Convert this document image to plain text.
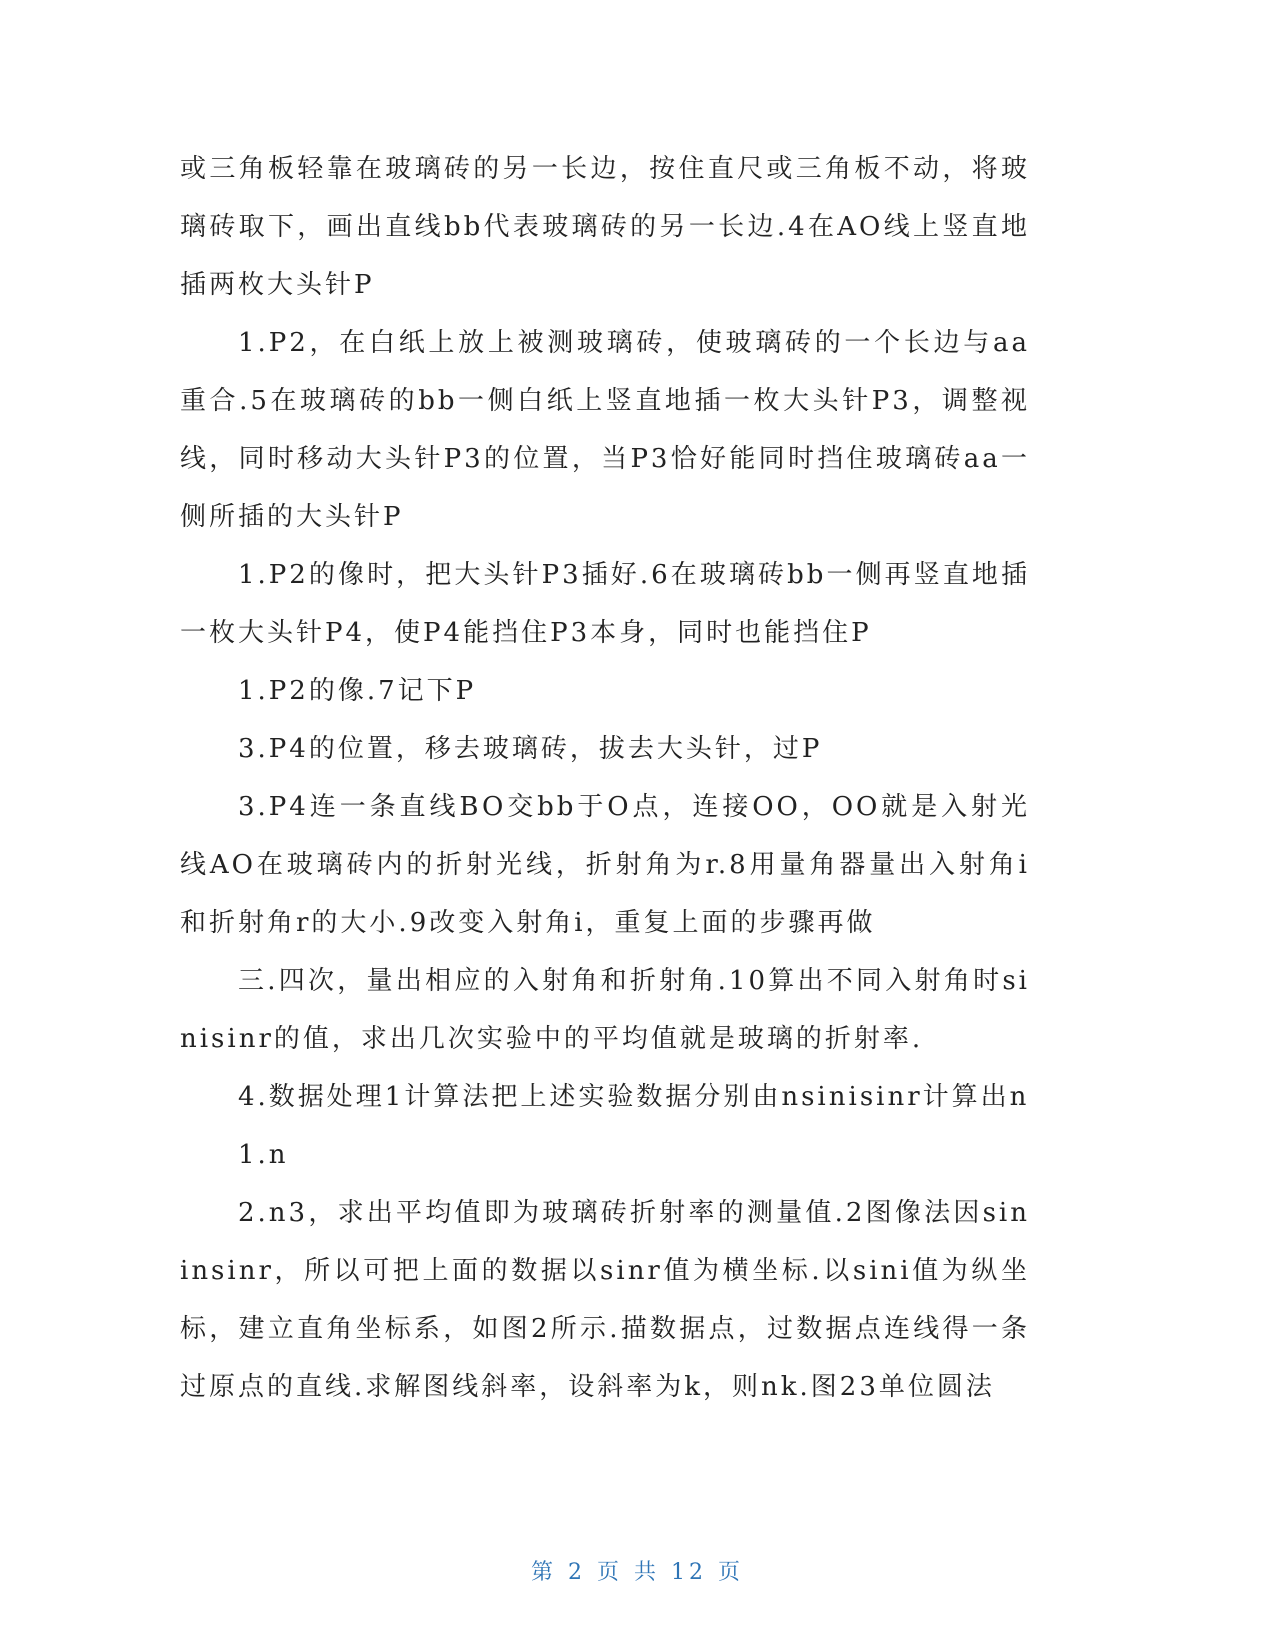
或三角板轻靠在玻璃砖的另一长边，按住直尺或三角板不动，将玻璃砖取下，画出直线bb代表玻璃砖的另一长边.4在AO线上竖直地插两枚大头针P

1.P2，在白纸上放上被测玻璃砖，使玻璃砖的一个长边与aa重合.5在玻璃砖的bb一侧白纸上竖直地插一枚大头针P3，调整视线，同时移动大头针P3的位置，当P3恰好能同时挡住玻璃砖aa一侧所插的大头针P

1.P2的像时，把大头针P3插好.6在玻璃砖bb一侧再竖直地插一枚大头针P4，使P4能挡住P3本身，同时也能挡住P

1.P2的像.7记下P

3.P4的位置，移去玻璃砖，拔去大头针，过P

3.P4连一条直线BO交bb于O点，连接OO，OO就是入射光线AO在玻璃砖内的折射光线，折射角为r.8用量角器量出入射角i和折射角r的大小.9改变入射角i，重复上面的步骤再做

三.四次，量出相应的入射角和折射角.10算出不同入射角时sinisinr的值，求出几次实验中的平均值就是玻璃的折射率.

4.数据处理1计算法把上述实验数据分别由nsinisinr计算出n

1.n

2.n3，求出平均值即为玻璃砖折射率的测量值.2图像法因sininsinr，所以可把上面的数据以sinr值为横坐标.以sini值为纵坐标，建立直角坐标系，如图2所示.描数据点，过数据点连线得一条过原点的直线.求解图线斜率，设斜率为k，则nk.图23单位圆法

第 2 页 共 12 页
